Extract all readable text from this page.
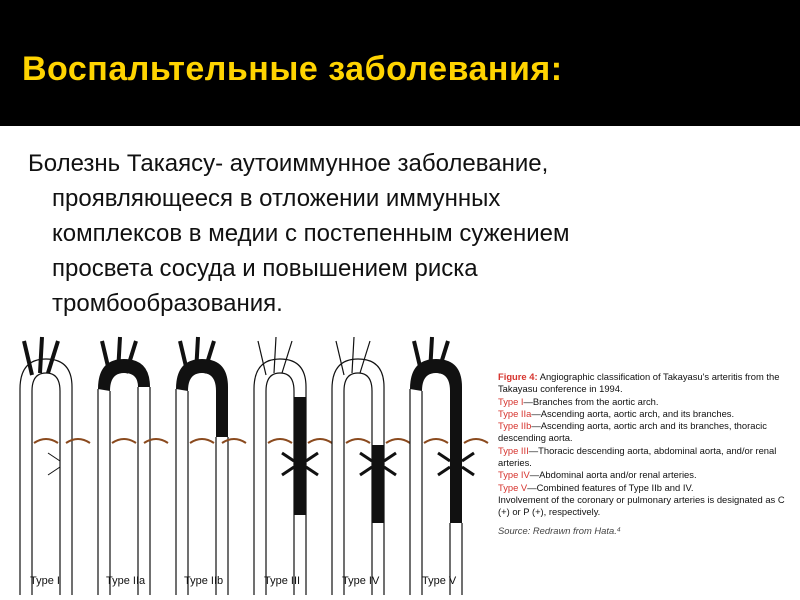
Воспальтельные заболевания:
Болезнь Такаясу- аутоиммунное заболевание,
проявляющееся в отложении иммунных
комплексов в медии с постепенным сужением
просвета сосуда и повышением риска
тромбообразования.
Figure 4: Angiographic classification of Takayasu's arteritis from the Takayasu conference in 1994.
Type I—Branches from the aortic arch.
Type IIa—Ascending aorta, aortic arch, and its branches.
Type IIb—Ascending aorta, aortic arch and its branches, thoracic descending aorta.
Type III—Thoracic descending aorta, abdominal aorta, and/or renal arteries.
Type IV—Abdominal aorta and/or renal arteries.
Type V—Combined features of Type IIb and IV.
Involvement of the coronary or pulmonary arteries is designated as C (+) or P (+), respectively.
Source: Redrawn from Hata.⁴
Type I	Type IIa	Type IIb	Type III	Type IV	Type V
